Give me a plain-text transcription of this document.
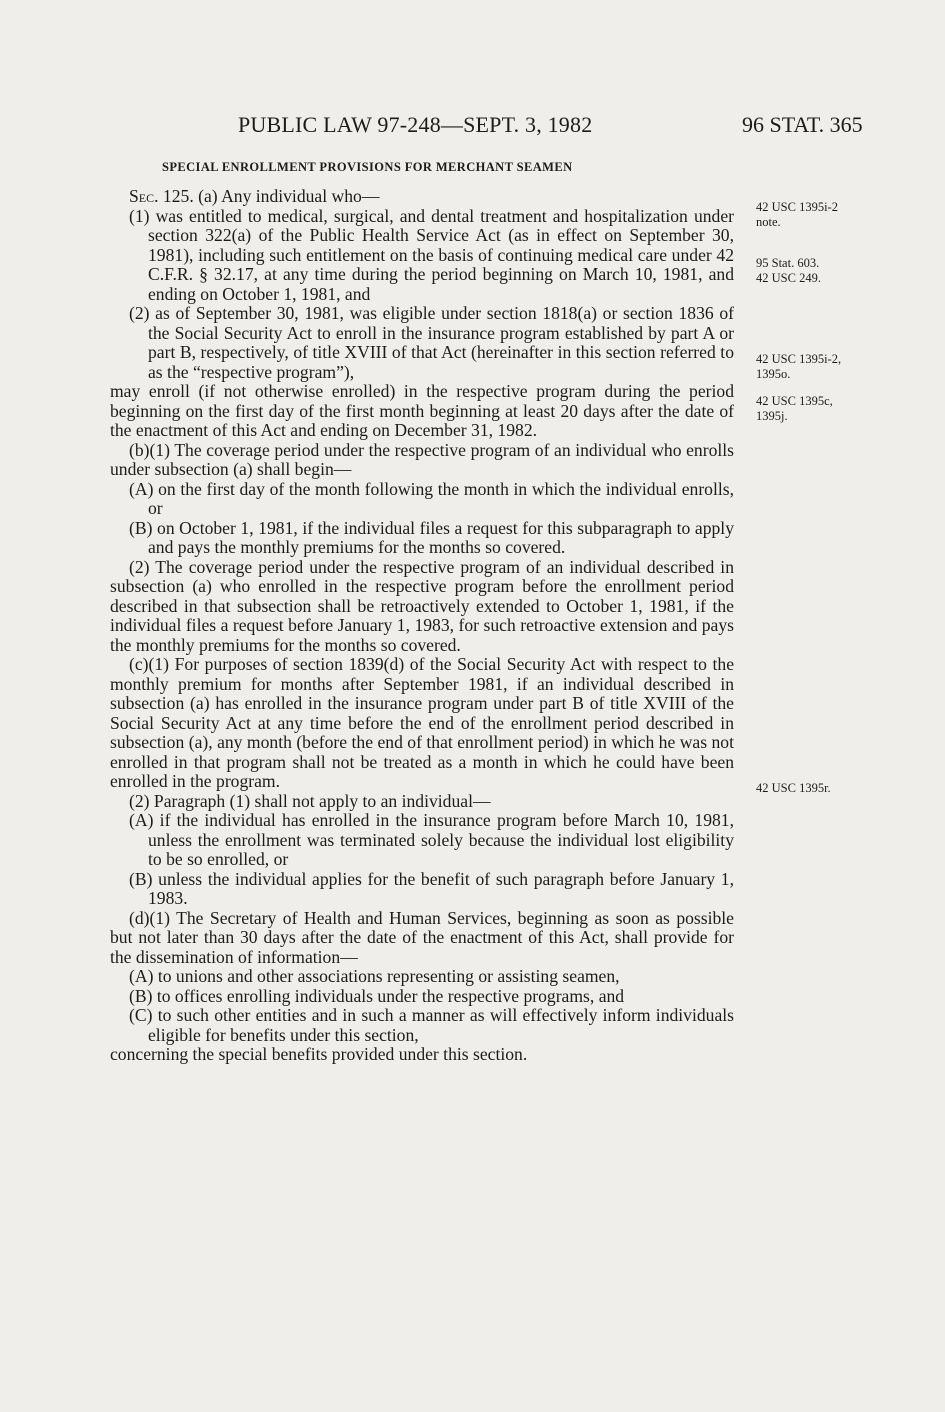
PUBLIC LAW 97-248—SEPT. 3, 1982	96 STAT. 365
SPECIAL ENROLLMENT PROVISIONS FOR MERCHANT SEAMEN

Sec. 125. (a) Any individual who—

(1) was entitled to medical, surgical, and dental treatment and hospitalization under section 322(a) of the Public Health Service Act (as in effect on September 30, 1981), including such entitlement on the basis of continuing medical care under 42 C.F.R. § 32.17, at any time during the period beginning on March 10, 1981, and ending on October 1, 1981, and

(2) as of September 30, 1981, was eligible under section 1818(a) or section 1836 of the Social Security Act to enroll in the insurance program established by part A or part B, respectively, of title XVIII of that Act (hereinafter in this section referred to as the “respective program”),

may enroll (if not otherwise enrolled) in the respective program during the period beginning on the first day of the first month beginning at least 20 days after the date of the enactment of this Act and ending on December 31, 1982.

(b)(1) The coverage period under the respective program of an individual who enrolls under subsection (a) shall begin—

(A) on the first day of the month following the month in which the individual enrolls, or

(B) on October 1, 1981, if the individual files a request for this subparagraph to apply and pays the monthly premiums for the months so covered.

(2) The coverage period under the respective program of an individual described in subsection (a) who enrolled in the respective program before the enrollment period described in that subsection shall be retroactively extended to October 1, 1981, if the individual files a request before January 1, 1983, for such retroactive extension and pays the monthly premiums for the months so covered.

(c)(1) For purposes of section 1839(d) of the Social Security Act with respect to the monthly premium for months after September 1981, if an individual described in subsection (a) has enrolled in the insurance program under part B of title XVIII of the Social Security Act at any time before the end of the enrollment period described in subsection (a), any month (before the end of that enrollment period) in which he was not enrolled in that program shall not be treated as a month in which he could have been enrolled in the program.

(2) Paragraph (1) shall not apply to an individual—

(A) if the individual has enrolled in the insurance program before March 10, 1981, unless the enrollment was terminated solely because the individual lost eligibility to be so enrolled, or

(B) unless the individual applies for the benefit of such paragraph before January 1, 1983.

(d)(1) The Secretary of Health and Human Services, beginning as soon as possible but not later than 30 days after the date of the enactment of this Act, shall provide for the dissemination of information—

(A) to unions and other associations representing or assisting seamen,

(B) to offices enrolling individuals under the respective programs, and

(C) to such other entities and in such a manner as will effectively inform individuals eligible for benefits under this section,

concerning the special benefits provided under this section.

42 USC 1395i-2
note.
95 Stat. 603.
42 USC 249.
42 USC 1395i-2,
1395o.
42 USC 1395c,
1395j.
42 USC 1395r.
